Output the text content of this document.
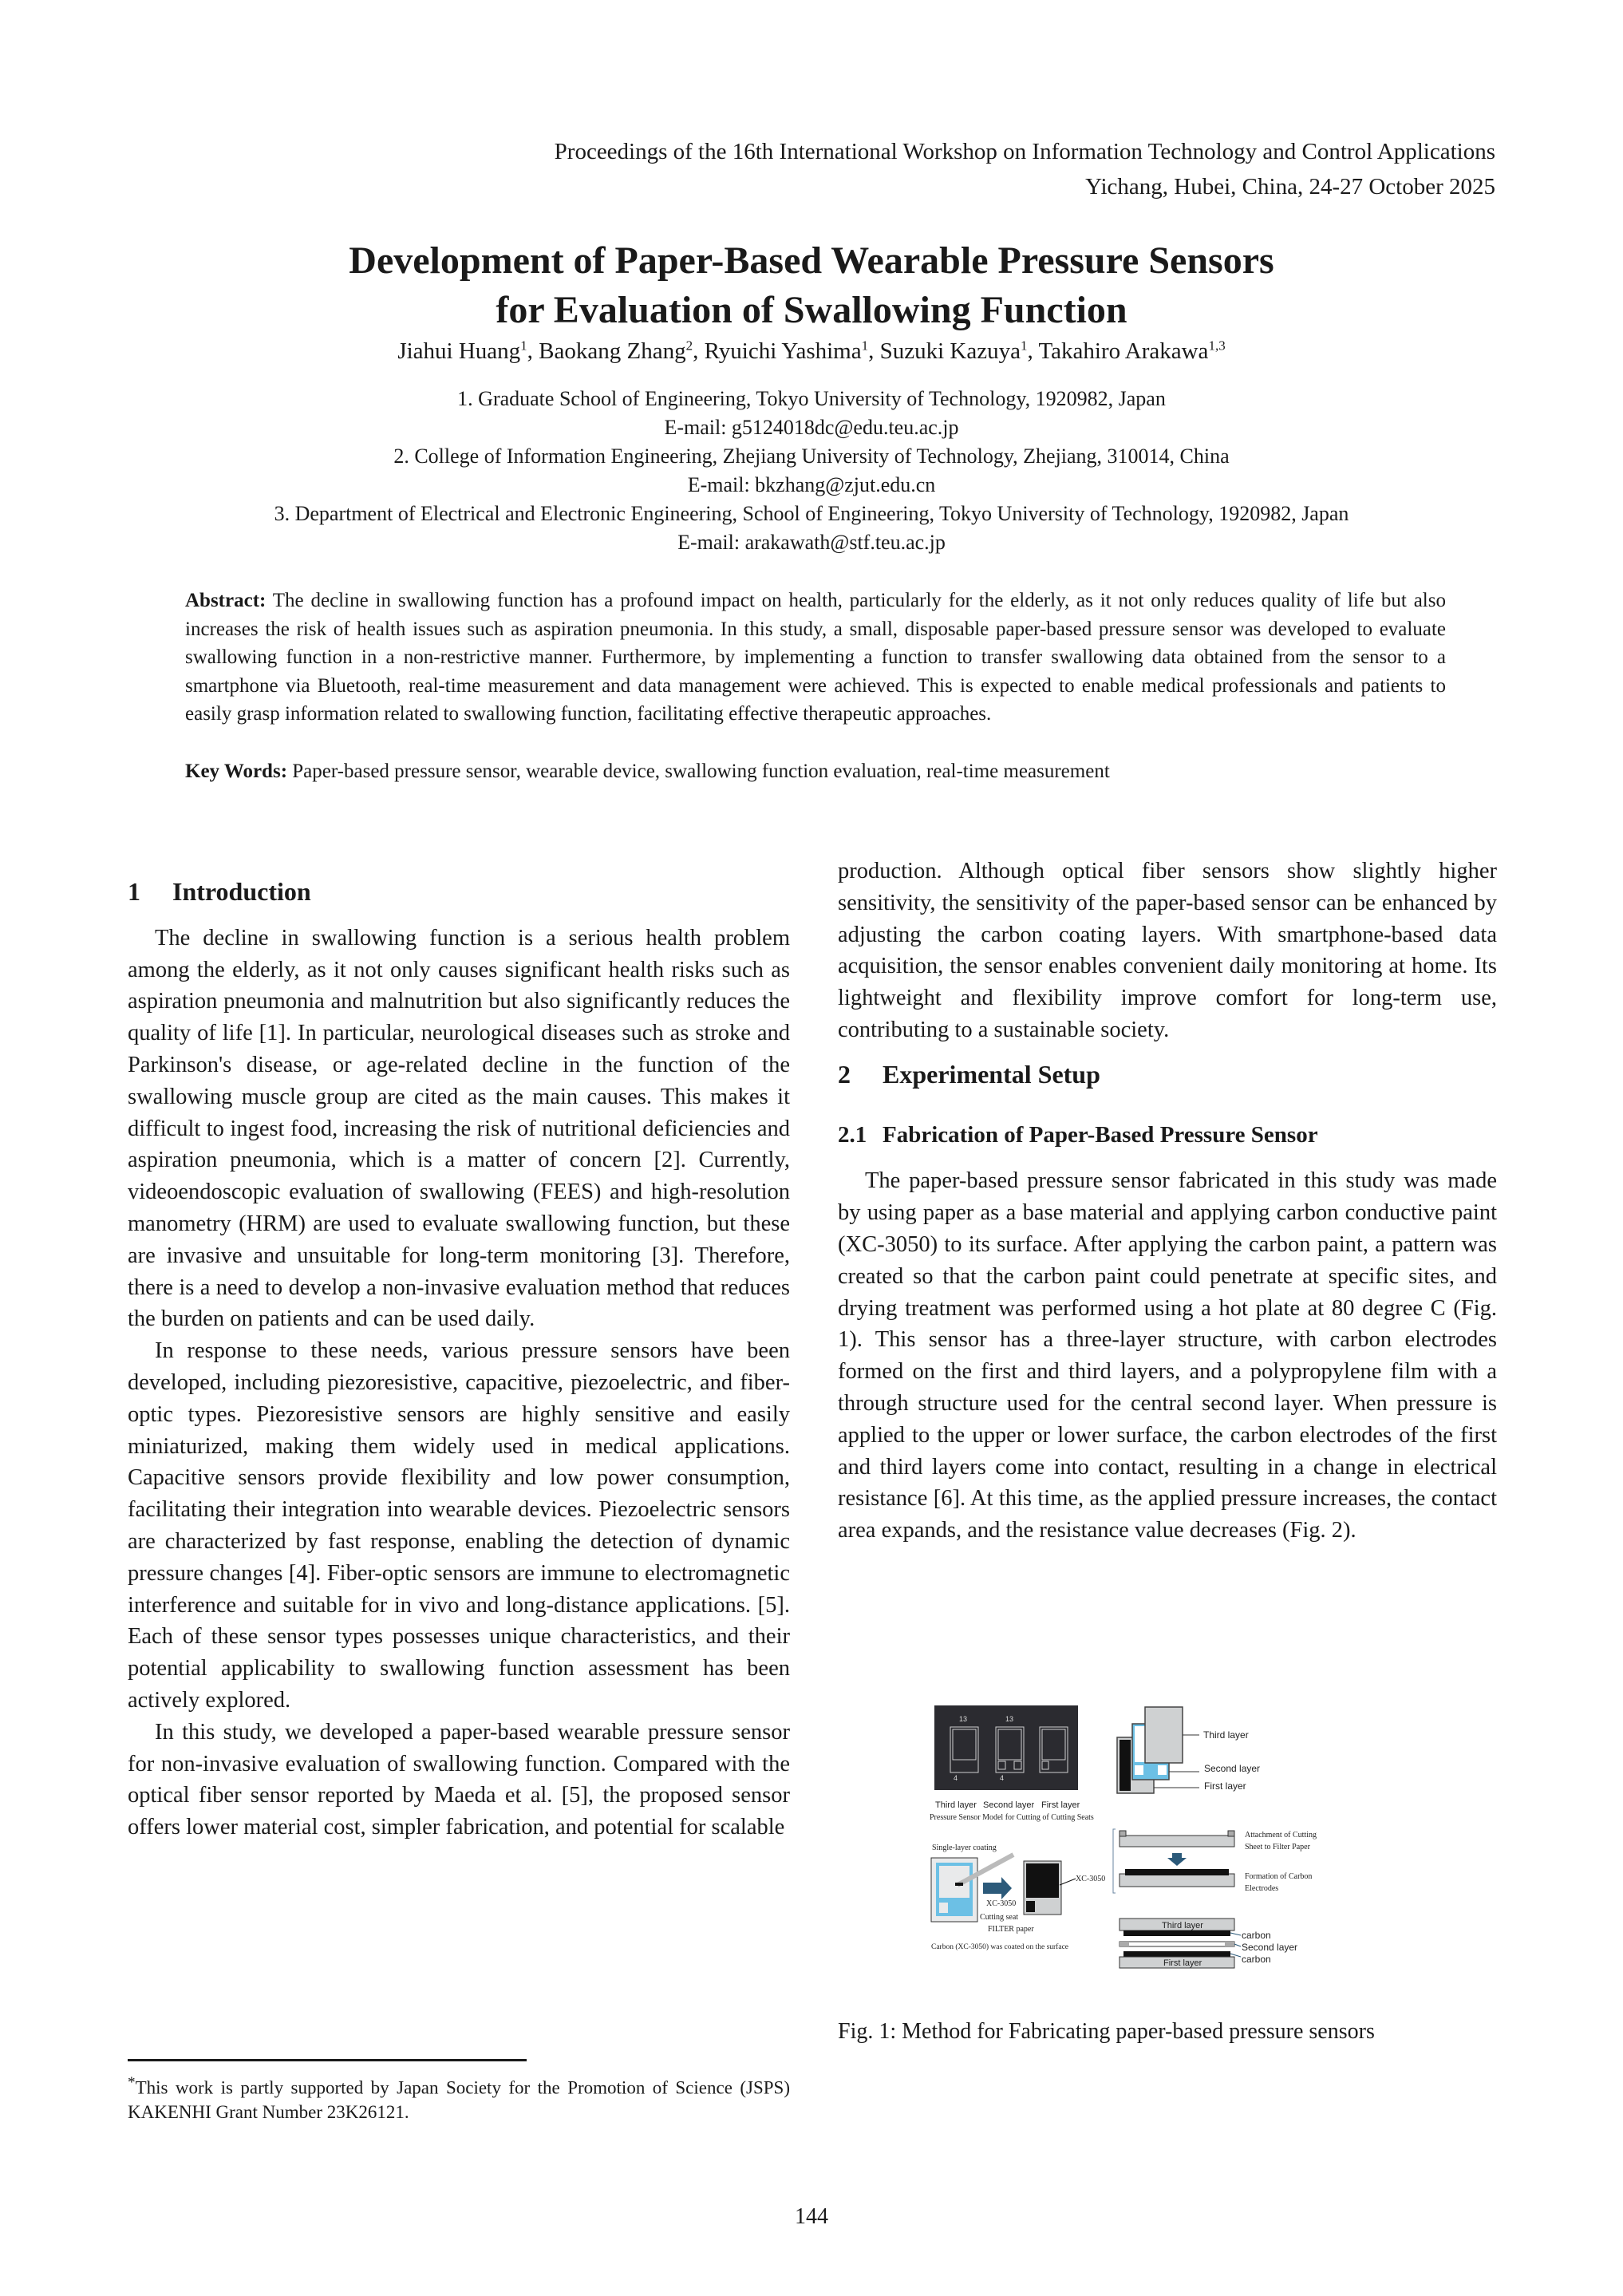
Proceedings of the 16th International Workshop on Information Technology and Control Applications
Yichang, Hubei, China, 24-27 October 2025
Development of Paper-Based Wearable Pressure Sensors
for Evaluation of Swallowing Function
Jiahui Huang$^1$, Baokang Zhang$^2$, Ryuichi Yashima$^1$, Suzuki Kazuya$^1$, Takahiro Arakawa$^{1,3}$
1. Graduate School of Engineering, Tokyo University of Technology, 1920982, Japan
E-mail: g5124018dc@edu.teu.ac.jp
2. College of Information Engineering, Zhejiang University of Technology, Zhejiang, 310014, China
E-mail: bkzhang@zjut.edu.cn
3. Department of Electrical and Electronic Engineering, School of Engineering, Tokyo University of Technology, 1920982, Japan
E-mail: arakawath@stf.teu.ac.jp
Abstract: The decline in swallowing function has a profound impact on health, particularly for the elderly, as it not only reduces quality of life but also increases the risk of health issues such as aspiration pneumonia. In this study, a small, disposable paper-based pressure sensor was developed to evaluate swallowing function in a non-restrictive manner. Furthermore, by implementing a function to transfer swallowing data obtained from the sensor to a smartphone via Bluetooth, real-time measurement and data management were achieved. This is expected to enable medical professionals and patients to easily grasp information related to swallowing function, facilitating effective therapeutic approaches.
Key Words: Paper-based pressure sensor, wearable device, swallowing function evaluation, real-time measurement
1 Introduction

The decline in swallowing function is a serious health problem among the elderly, as it not only causes significant health risks such as aspiration pneumonia and malnutrition but also significantly reduces the quality of life [1]. In particular, neurological diseases such as stroke and Parkinson's disease, or age-related decline in the function of the swallowing muscle group are cited as the main causes. This makes it difficult to ingest food, increasing the risk of nutritional deficiencies and aspiration pneumonia, which is a matter of concern [2]. Currently, videoendoscopic evaluation of swallowing (FEES) and high-resolution manometry (HRM) are used to evaluate swallowing function, but these are invasive and unsuitable for long-term monitoring [3]. Therefore, there is a need to develop a non-invasive evaluation method that reduces the burden on patients and can be used daily.

In response to these needs, various pressure sensors have been developed, including piezoresistive, capacitive, piezoelectric, and fiber-optic types. Piezoresistive sensors are highly sensitive and easily miniaturized, making them widely used in medical applications. Capacitive sensors provide flexibility and low power consumption, facilitating their integration into wearable devices. Piezoelectric sensors are characterized by fast response, enabling the detection of dynamic pressure changes [4]. Fiber-optic sensors are immune to electromagnetic interference and suitable for in vivo and long-distance applications. [5]. Each of these sensor types possesses unique characteristics, and their potential applicability to swallowing function assessment has been actively explored.

In this study, we developed a paper-based wearable pressure sensor for non-invasive evaluation of swallowing function. Compared with the optical fiber sensor reported by Maeda et al. [5], the proposed sensor offers lower material cost, simpler fabrication, and potential for scalable

production. Although optical fiber sensors show slightly higher sensitivity, the sensitivity of the paper-based sensor can be enhanced by adjusting the carbon coating layers. With smartphone-based data acquisition, the sensor enables convenient daily monitoring at home. Its lightweight and flexibility improve comfort for long-term use, contributing to a sustainable society.

2 Experimental Setup
2.1 Fabrication of Paper-Based Pressure Sensor

The paper-based pressure sensor fabricated in this study was made by using paper as a base material and applying carbon conductive paint (XC-3050) to its surface. After applying the carbon paint, a pattern was created so that the carbon paint could penetrate at specific sites, and drying treatment was performed using a hot plate at 80 degree C (Fig. 1). This sensor has a three-layer structure, with carbon electrodes formed on the first and third layers, and a polypropylene film with a through structure used for the central second layer. When pressure is applied to the upper or lower surface, the carbon electrodes of the first and third layers come into contact, resulting in a change in electrical resistance [6]. At this time, as the applied pressure increases, the contact area expands, and the resistance value decreases (Fig. 2).

13	13
4	4
Third layer Second layer First layer
Pressure Sensor Model for Cutting of Cutting Seats
Third layer
Second layer
First layer
Single-layer coating
XC-3050
Cutting seat
FILTER paper
Carbon (XC-3050) was coated on the surface
XC-3050
Attachment of Cutting
Sheet to Filter Paper
Formation of Carbon
Electrodes
Third layer
First layer
carbon
Second layer
carbon
Fig. 1: Method for Fabricating paper-based pressure sensors
*This work is partly supported by Japan Society for the Promotion of Science (JSPS) KAKENHI Grant Number 23K26121.
144
